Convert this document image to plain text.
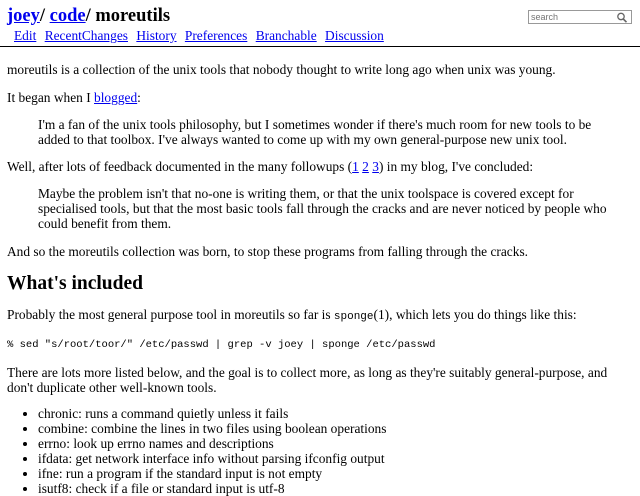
joey/ code/ moreutils
Edit RecentChanges History Preferences Branchable Discussion
search

moreutils is a collection of the unix tools that nobody thought to write long ago when unix was young.

It began when I blogged:

I'm a fan of the unix tools philosophy, but I sometimes wonder if there's much room for new tools to be added to that toolbox. I've always wanted to come up with my own general-purpose new unix tool.

Well, after lots of feedback documented in the many followups (1 2 3) in my blog, I've concluded:

Maybe the problem isn't that no-one is writing them, or that the unix toolspace is covered except for specialised tools, but that the most basic tools fall through the cracks and are never noticed by people who could benefit from them.

And so the moreutils collection was born, to stop these programs from falling through the cracks.

What's included

Probably the most general purpose tool in moreutils so far is sponge(1), which lets you do things like this:

% sed "s/root/toor/" /etc/passwd | grep -v joey | sponge /etc/passwd

There are lots more listed below, and the goal is to collect more, as long as they're suitably general-purpose, and don't duplicate other well-known tools.

• chronic: runs a command quietly unless it fails
• combine: combine the lines in two files using boolean operations
• errno: look up errno names and descriptions
• ifdata: get network interface info without parsing ifconfig output
• ifne: run a program if the standard input is not empty
• isutf8: check if a file or standard input is utf-8
